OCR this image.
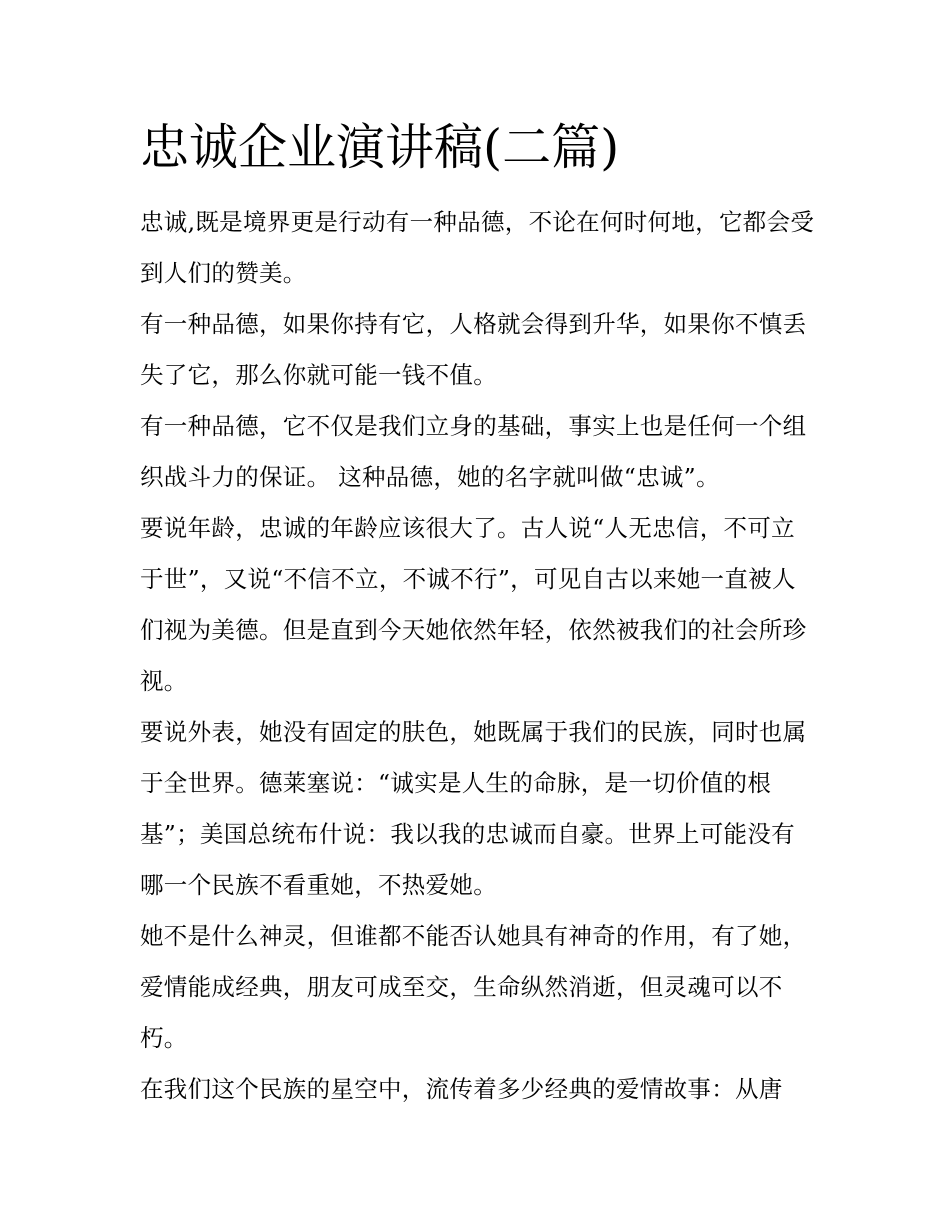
忠诚企业演讲稿(二篇)

忠诚,既是境界更是行动有一种品德，不论在何时何地，它都会受到人们的赞美。

有一种品德，如果你持有它，人格就会得到升华，如果你不慎丢失了它，那么你就可能一钱不值。

有一种品德，它不仅是我们立身的基础，事实上也是任何一个组织战斗力的保证。 这种品德，她的名字就叫做“忠诚”。

要说年龄，忠诚的年龄应该很大了。古人说“人无忠信，不可立于世”，又说“不信不立，不诚不行”，可见自古以来她一直被人们视为美德。但是直到今天她依然年轻，依然被我们的社会所珍视。

要说外表，她没有固定的肤色，她既属于我们的民族，同时也属于全世界。德莱塞说：“诚实是人生的命脉，是一切价值的根基”；美国总统布什说：我以我的忠诚而自豪。世界上可能没有哪一个民族不看重她，不热爱她。

她不是什么神灵，但谁都不能否认她具有神奇的作用，有了她，爱情能成经典，朋友可成至交，生命纵然消逝，但灵魂可以不朽。

在我们这个民族的星空中，流传着多少经典的爱情故事：从唐
